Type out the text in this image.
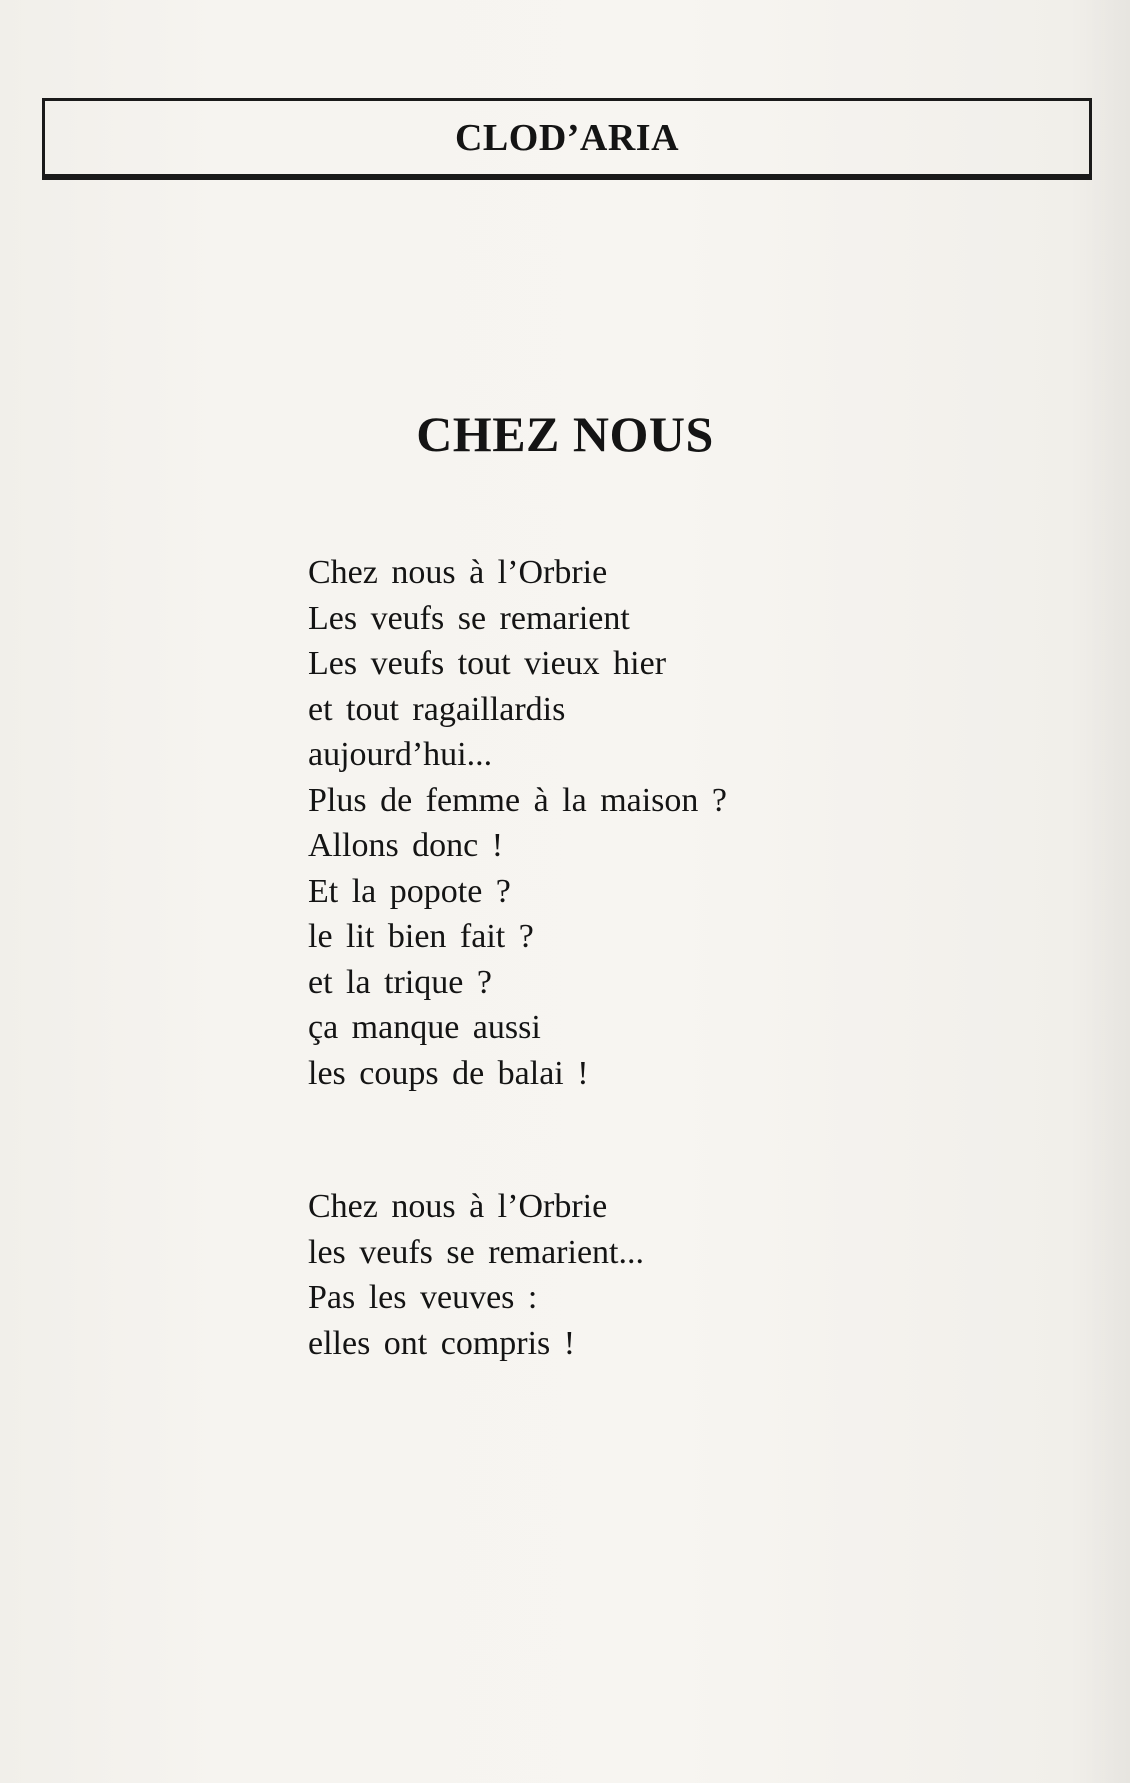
CLOD’ARIA
CHEZ NOUS
Chez nous à l’Orbrie
Les veufs se remarient
Les veufs tout vieux hier
et tout ragaillardis
aujourd’hui...
Plus de femme à la maison ?
Allons donc !
Et la popote ?
le lit bien fait ?
et la trique ?
ça manque aussi
les coups de balai !
Chez nous à l’Orbrie
les veufs se remarient...
Pas les veuves :
elles ont compris !
